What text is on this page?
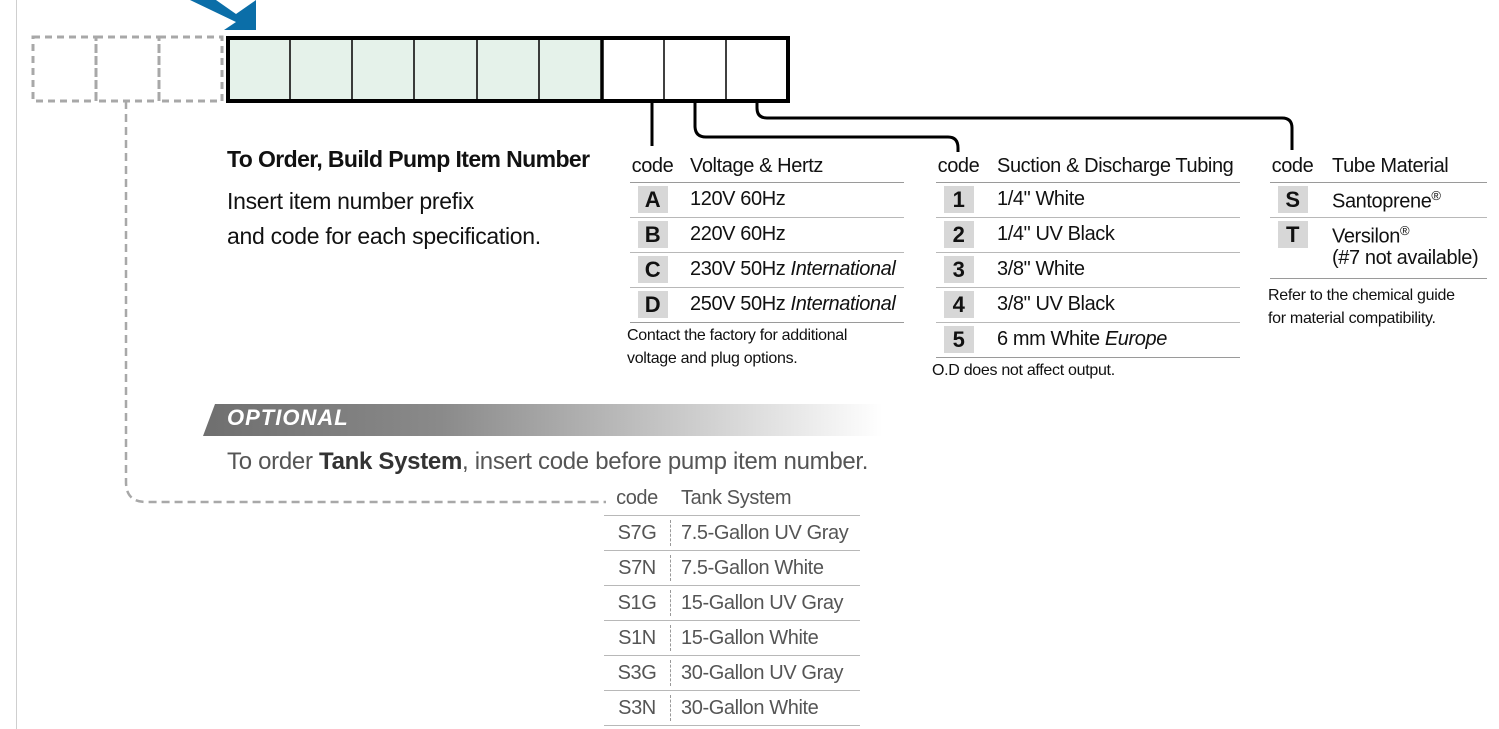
To Order, Build Pump Item Number
Insert item number prefix
and code for each specification.
code Voltage & Hertz
A	120V 60Hz
B	220V 60Hz
C	230V 50Hz International
D	250V 50Hz International
Contact the factory for additional
voltage and plug options.
code Suction & Discharge Tubing
1	1/4" White
2	1/4" UV Black
3	3/8" White
4	3/8" UV Black
5	6 mm White Europe
O.D does not affect output.
code Tube Material
S	Santoprene®
T	Versilon®
(#7 not available)
Refer to the chemical guide
for material compatibility.
OPTIONAL
To order Tank System, insert code before pump item number.
code	Tank System
S7G	7.5-Gallon UV Gray
S7N	7.5-Gallon White
S1G	15-Gallon UV Gray
S1N	15-Gallon White
S3G	30-Gallon UV Gray
S3N	30-Gallon White
